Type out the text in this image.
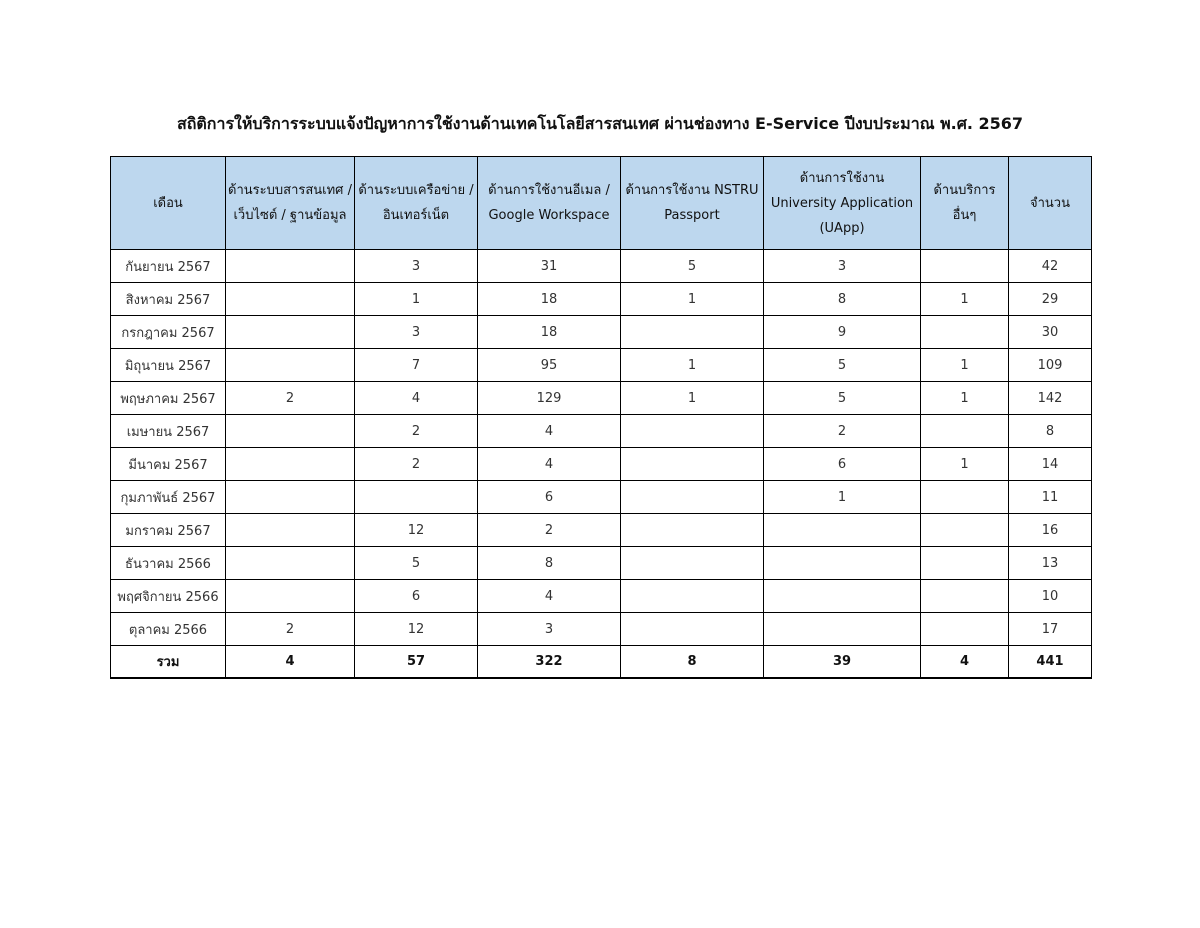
สถิติการให้บริการระบบแจ้งปัญหาการใช้งานด้านเทคโนโลยีสารสนเทศ ผ่านช่องทาง E-Service ปีงบประมาณ พ.ศ. 2567
เดือน	ด้านระบบสารสนเทศ / เว็บไซต์ / ฐานข้อมูล	ด้านระบบเครือข่าย / อินเทอร์เน็ต	ด้านการใช้งานอีเมล / Google Workspace	ด้านการใช้งาน NSTRU Passport	ด้านการใช้งาน University Application (UApp)	ด้านบริการอื่นๆ	จำนวน
กันยายน 2567		3	31	5	3		42
สิงหาคม 2567		1	18	1	8	1	29
กรกฎาคม 2567		3	18		9		30
มิถุนายน 2567		7	95	1	5	1	109
พฤษภาคม 2567	2	4	129	1	5	1	142
เมษายน 2567		2	4		2		8
มีนาคม 2567		2	4		6	1	14
กุมภาพันธ์ 2567			6		1		11
มกราคม 2567		12	2				16
ธันวาคม 2566		5	8				13
พฤศจิกายน 2566		6	4				10
ตุลาคม 2566	2	12	3				17
รวม	4	57	322	8	39	4	441
